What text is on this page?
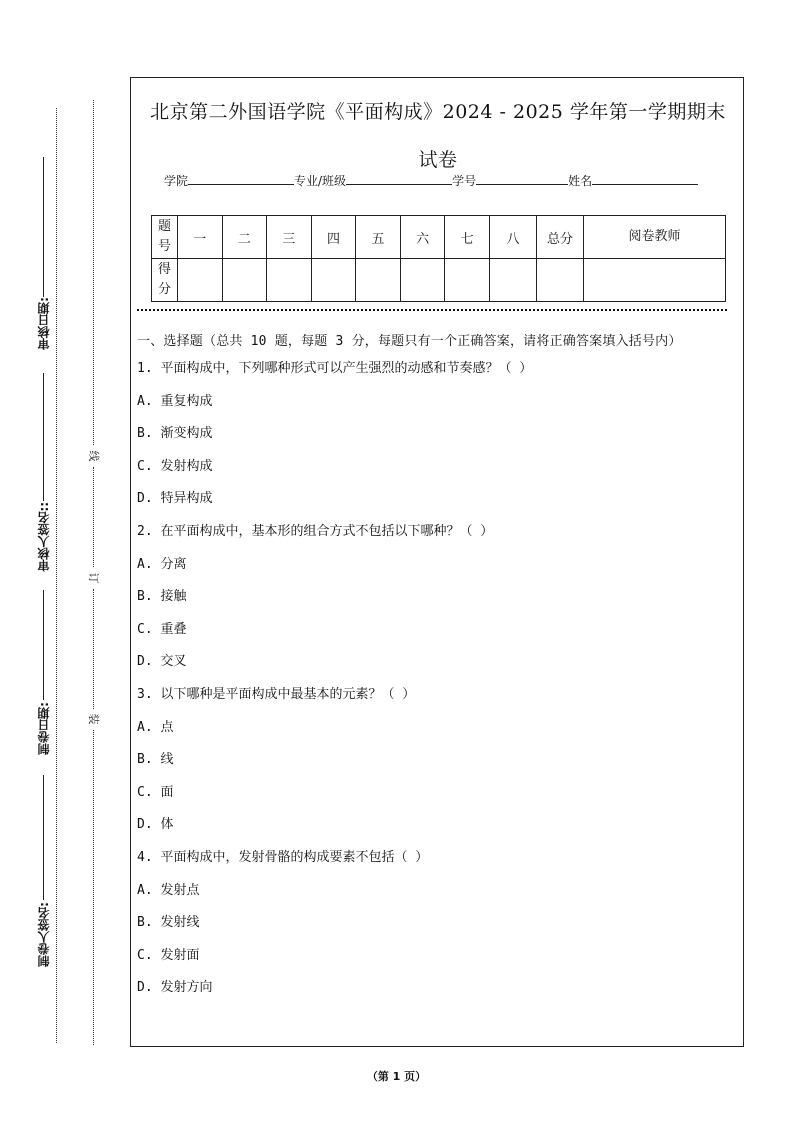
审核日期:
审核人签名::
制卷日期:
制卷人签名:
线
订
装
北京第二外国语学院《平面构成》2024 - 2025 学年第一学期期末
试卷
学院	专业/班级	学号	姓名
题号	一	二	三	四	五	六	七	八	总分	阅卷教师
得分										
一、选择题（总共 10 题，每题 3 分，每题只有一个正确答案，请将正确答案填入括号内）
1. 平面构成中，下列哪种形式可以产生强烈的动感和节奏感？（ ）
A. 重复构成
B. 渐变构成
C. 发射构成
D. 特异构成
2. 在平面构成中，基本形的组合方式不包括以下哪种？（ ）
A. 分离
B. 接触
C. 重叠
D. 交叉
3. 以下哪种是平面构成中最基本的元素？（ ）
A. 点
B. 线
C. 面
D. 体
4. 平面构成中，发射骨骼的构成要素不包括（ ）
A. 发射点
B. 发射线
C. 发射面
D. 发射方向
（第 1 页）
